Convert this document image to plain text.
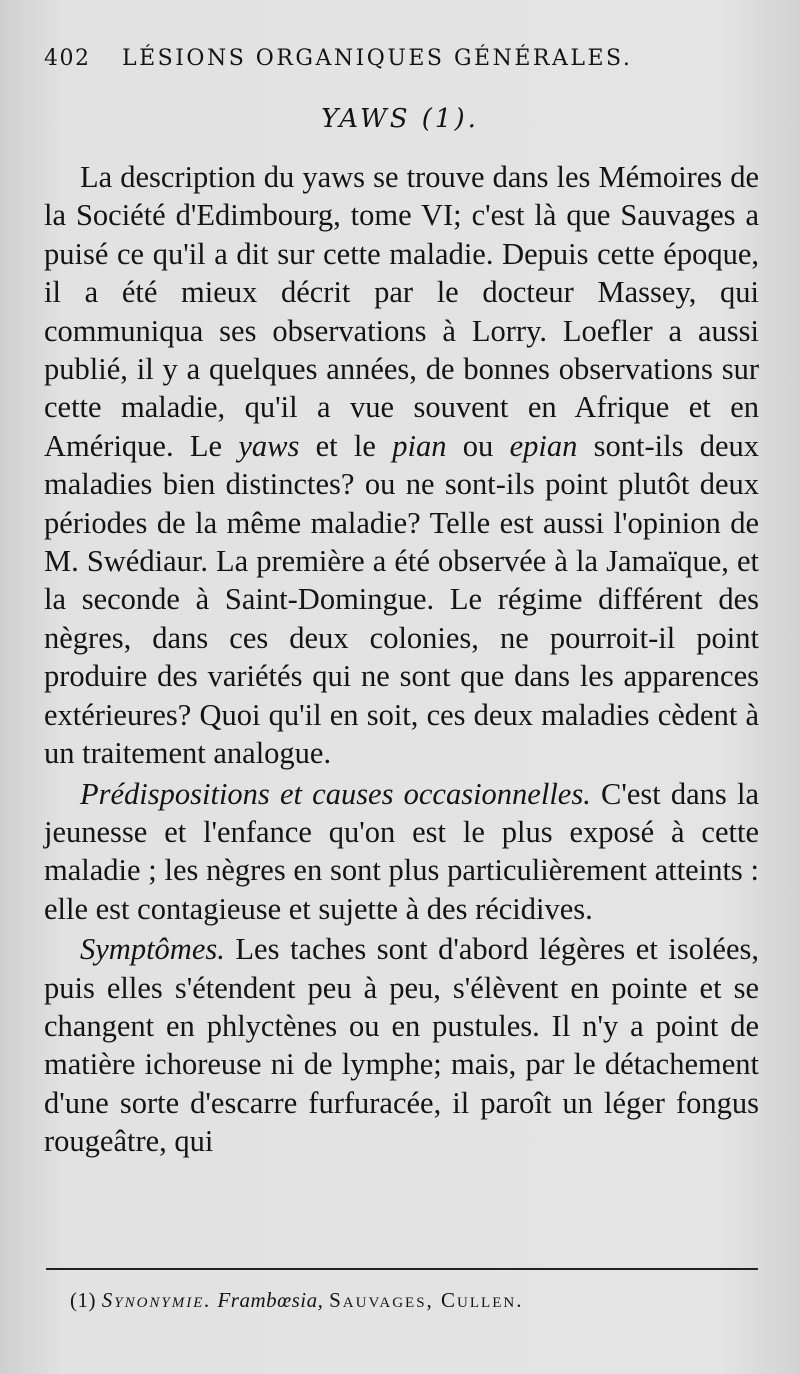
402 LÉSIONS ORGANIQUES GÉNÉRALES.
YAWS (1).

La description du yaws se trouve dans les Mémoires de la Société d'Edimbourg, tome VI; c'est là que Sauvages a puisé ce qu'il a dit sur cette maladie. Depuis cette époque, il a été mieux décrit par le docteur Massey, qui communiqua ses observations à Lorry. Loefler a aussi publié, il y a quelques années, de bonnes observations sur cette maladie, qu'il a vue souvent en Afrique et en Amérique. Le yaws et le pian ou epian sont-ils deux maladies bien distinctes? ou ne sont-ils point plutôt deux périodes de la même maladie? Telle est aussi l'opinion de M. Swédiaur. La première a été observée à la Jamaïque, et la seconde à Saint-Domingue. Le régime différent des nègres, dans ces deux colonies, ne pourroit-il point produire des variétés qui ne sont que dans les apparences extérieures? Quoi qu'il en soit, ces deux maladies cèdent à un traitement analogue.

Prédispositions et causes occasionnelles. C'est dans la jeunesse et l'enfance qu'on est le plus exposé à cette maladie ; les nègres en sont plus particulièrement atteints : elle est contagieuse et sujette à des récidives.

Symptômes. Les taches sont d'abord légères et isolées, puis elles s'étendent peu à peu, s'élèvent en pointe et se changent en phlyctènes ou en pustules. Il n'y a point de matière ichoreuse ni de lymphe; mais, par le détachement d'une sorte d'escarre furfuracée, il paroît un léger fongus rougeâtre, qui

(1) Synonymie. Frambœsia, Sauvages, Cullen.
